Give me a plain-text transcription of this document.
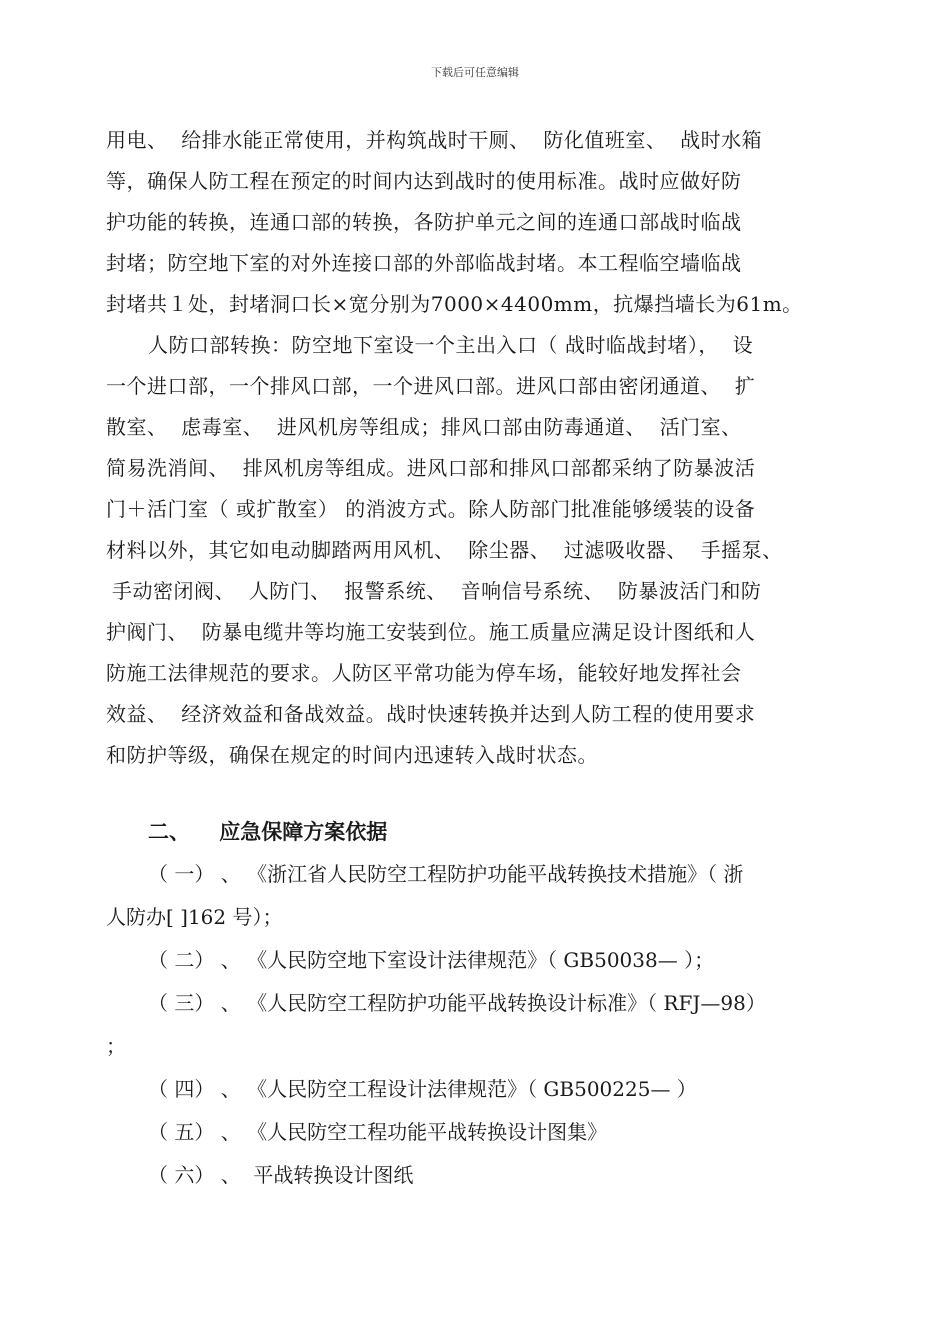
下载后可任意编辑
用电、  给排水能正常使用，并构筑战时干厕、  防化值班室、  战时水箱
等，确保人防工程在预定的时间内达到战时的使用标准。战时应做好防
护功能的转换，连通口部的转换，各防护单元之间的连通口部战时临战
封堵；防空地下室的对外连接口部的外部临战封堵。本工程临空墙临战
封堵共１处，封堵洞口长×宽分别为7000×4400mm，抗爆挡墙长为61m。
人防口部转换：防空地下室设一个主出入口（ 战时临战封堵），  设
一个进口部，一个排风口部，一个进风口部。进风口部由密闭通道、  扩
散室、  虑毒室、  进风机房等组成；排风口部由防毒通道、  活门室、
简易洗消间、  排风机房等组成。进风口部和排风口部都采纳了防暴波活
门＋活门室（ 或扩散室） 的消波方式。除人防部门批准能够缓装的设备
材料以外，其它如电动脚踏两用风机、  除尘器、  过滤吸收器、  手摇泵、
手动密闭阀、  人防门、  报警系统、  音响信号系统、  防暴波活门和防
护阀门、  防暴电缆井等均施工安装到位。施工质量应满足设计图纸和人
防施工法律规范的要求。人防区平常功能为停车场，能较好地发挥社会
效益、  经济效益和备战效益。战时快速转换并达到人防工程的使用要求
和防护等级，确保在规定的时间内迅速转入战时状态。
二、    应急保障方案依据
（ 一） 、 《浙江省人民防空工程防护功能平战转换技术措施》（ 浙
人防办[ ]162 号）；
（ 二） 、 《人民防空地下室设计法律规范》（ GB50038— ）；
（ 三） 、 《人民防空工程防护功能平战转换设计标准》（ RFJ—98）
；
（ 四） 、 《人民防空工程设计法律规范》（ GB500225— ）
（ 五） 、 《人民防空工程功能平战转换设计图集》
（ 六） 、  平战转换设计图纸
